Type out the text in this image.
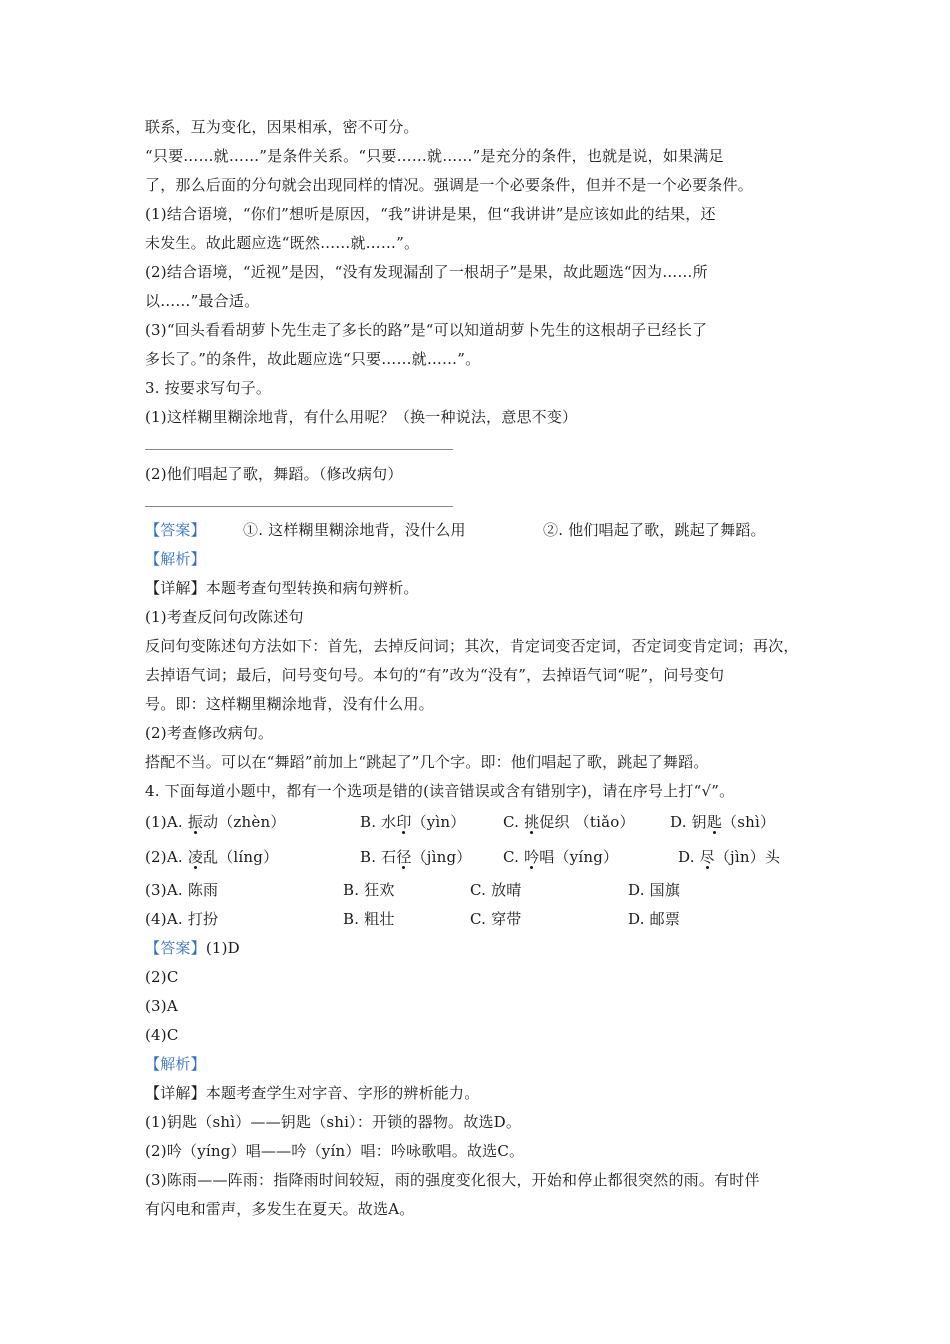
联系，互为变化，因果相承，密不可分。
“只要……就……”是条件关系。“只要……就……”是充分的条件，也就是说，如果满足
了，那么后面的分句就会出现同样的情况。强调是一个必要条件，但并不是一个必要条件。
(1)结合语境，“你们”想听是原因，“我”讲讲是果，但“我讲讲”是应该如此的结果，还
未发生。故此题应选“既然……就……”。
(2)结合语境，“近视”是因，“没有发现漏刮了一根胡子”是果，故此题选“因为……所
以……”最合适。
(3)“回头看看胡萝卜先生走了多长的路”是“可以知道胡萝卜先生的这根胡子已经长了
多长了。”的条件，故此题应选“只要……就……”。
3. 按要求写句子。
(1)这样糊里糊涂地背，有什么用呢？（换一种说法，意思不变）
(2)他们唱起了歌，舞蹈。（修改病句）
【答案】 ①. 这样糊里糊涂地背，没什么用	②. 他们唱起了歌，跳起了舞蹈。
【解析】
【详解】本题考查句型转换和病句辨析。
(1)考查反问句改陈述句
反问句变陈述句方法如下：首先，去掉反问词；其次，肯定词变否定词，否定词变肯定词；再次，
去掉语气词；最后，问号变句号。本句的“有”改为“没有”，去掉语气词“呢”，问号变句
号。即：这样糊里糊涂地背，没有什么用。
(2)考查修改病句。
搭配不当。可以在“舞蹈”前加上“跳起了”几个字。即：他们唱起了歌，跳起了舞蹈。
4. 下面每道小题中，都有一个选项是错的(读音错误或含有错别字)，请在序号上打“√”。
(1)A. 振动（zhèn）	B. 水印（yìn）	C. 挑促织 （tiǎo） D. 钥匙（shì）
(2)A. 凌乱（líng）	B. 石径（jìng） C. 吟唱（yíng）	D. 尽（jìn）头
(3)A. 陈雨	B. 狂欢	C. 放晴	D. 国旗
(4)A. 打扮	B. 粗壮	C. 穿带	D. 邮票
【答案】(1)D
(2)C
(3)A
(4)C
【解析】
【详解】本题考查学生对字音、字形的辨析能力。
(1)钥匙（shì）——钥匙（shi）：开锁的器物。故选D。
(2)吟（yíng）唱——吟（yín）唱：吟咏歌唱。故选C。
(3)陈雨——阵雨：指降雨时间较短，雨的强度变化很大，开始和停止都很突然的雨。有时伴
有闪电和雷声，多发生在夏天。故选A。
